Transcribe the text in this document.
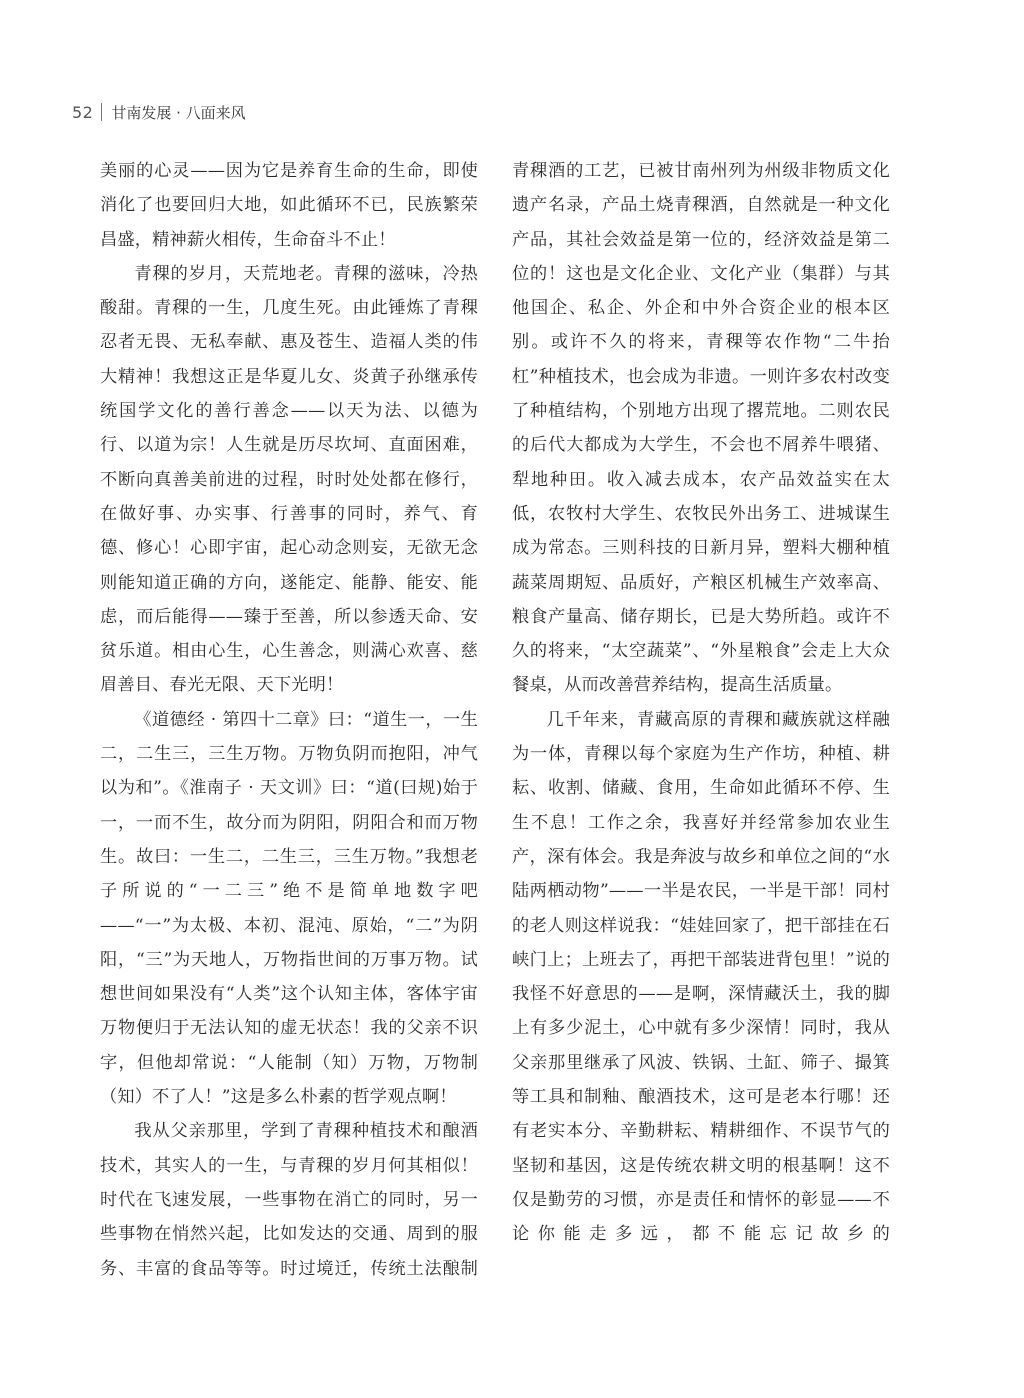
52 甘南发展 · 八面来风

美丽的心灵——因为它是养育生命的生命，即使消化了也要回归大地，如此循环不已，民族繁荣昌盛，精神薪火相传，生命奋斗不止！

青稞的岁月，天荒地老。青稞的滋味，冷热酸甜。青稞的一生，几度生死。由此锤炼了青稞忍者无畏、无私奉献、惠及苍生、造福人类的伟大精神！我想这正是华夏儿女、炎黄子孙继承传统国学文化的善行善念——以天为法、以德为行、以道为宗！人生就是历尽坎坷、直面困难，不断向真善美前进的过程，时时处处都在修行，在做好事、办实事、行善事的同时，养气、育德、修心！心即宇宙，起心动念则妄，无欲无念则能知道正确的方向，遂能定、能静、能安、能虑，而后能得——臻于至善，所以参透天命、安贫乐道。相由心生，心生善念，则满心欢喜、慈眉善目、春光无限、天下光明！

《道德经 · 第四十二章》曰：“道生一，一生二，二生三，三生万物。万物负阴而抱阳，冲气以为和”。《淮南子 · 天文训》曰：“道(曰规)始于一，一而不生，故分而为阴阳，阴阳合和而万物生。故曰：一生二，二生三，三生万物。”我想老子所说的“一二三”绝不是简单地数字吧——“一”为太极、本初、混沌、原始，“二”为阴阳，“三”为天地人，万物指世间的万事万物。试想世间如果没有“人类”这个认知主体，客体宇宙万物便归于无法认知的虚无状态！我的父亲不识字，但他却常说：“人能制（知）万物，万物制（知）不了人！”这是多么朴素的哲学观点啊！

我从父亲那里，学到了青稞种植技术和酿酒技术，其实人的一生，与青稞的岁月何其相似！时代在飞速发展，一些事物在消亡的同时，另一些事物在悄然兴起，比如发达的交通、周到的服务、丰富的食品等等。时过境迁，传统土法酿制

青稞酒的工艺，已被甘南州列为州级非物质文化遗产名录，产品土烧青稞酒，自然就是一种文化产品，其社会效益是第一位的，经济效益是第二位的！这也是文化企业、文化产业（集群）与其他国企、私企、外企和中外合资企业的根本区别。或许不久的将来，青稞等农作物“二牛抬杠”种植技术，也会成为非遗。一则许多农村改变了种植结构，个别地方出现了撂荒地。二则农民的后代大都成为大学生，不会也不屑养牛喂猪、犁地种田。收入减去成本，农产品效益实在太低，农牧村大学生、农牧民外出务工、进城谋生成为常态。三则科技的日新月异，塑料大棚种植蔬菜周期短、品质好，产粮区机械生产效率高、粮食产量高、储存期长，已是大势所趋。或许不久的将来，“太空蔬菜”、“外星粮食”会走上大众餐桌，从而改善营养结构，提高生活质量。

几千年来，青藏高原的青稞和藏族就这样融为一体，青稞以每个家庭为生产作坊，种植、耕耘、收割、储藏、食用，生命如此循环不停、生生不息！工作之余，我喜好并经常参加农业生产，深有体会。我是奔波与故乡和单位之间的“水陆两栖动物”——一半是农民，一半是干部！同村的老人则这样说我：“娃娃回家了，把干部挂在石峡门上；上班去了，再把干部装进背包里！”说的我怪不好意思的——是啊，深情藏沃土，我的脚上有多少泥土，心中就有多少深情！同时，我从父亲那里继承了风波、铁锅、土缸、筛子、撮箕等工具和制釉、酿酒技术，这可是老本行哪！还有老实本分、辛勤耕耘、精耕细作、不误节气的坚韧和基因，这是传统农耕文明的根基啊！这不仅是勤劳的习惯，亦是责任和情怀的彰显——不论你能走多远，都不能忘记故乡的
